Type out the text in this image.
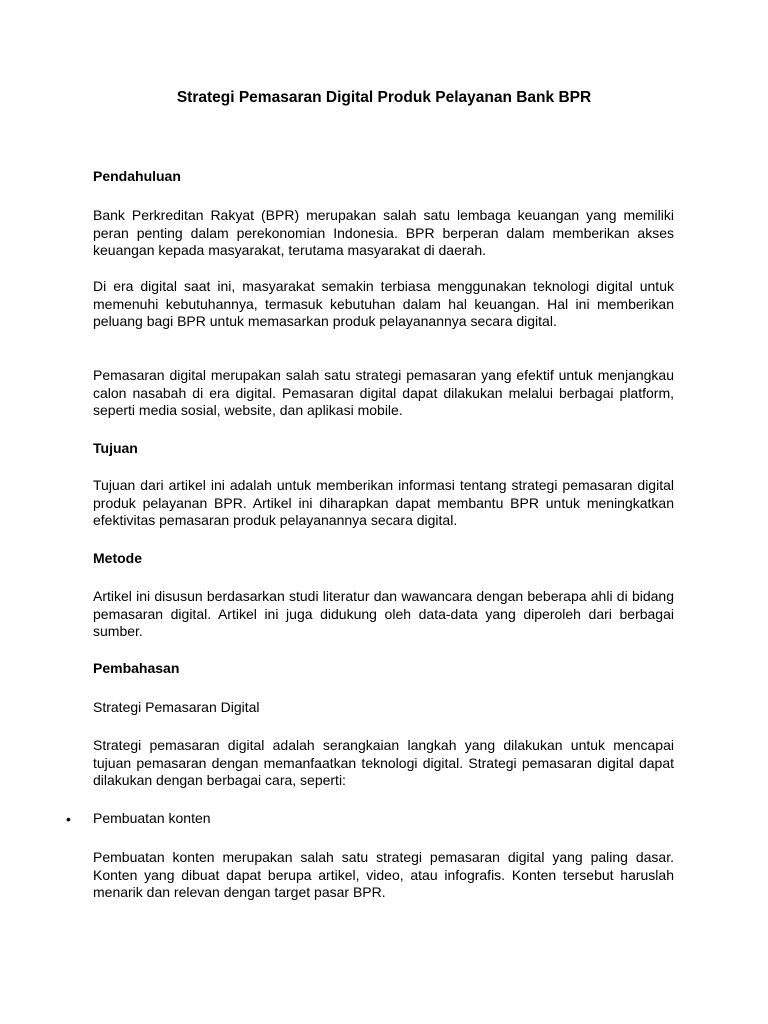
Strategi Pemasaran Digital Produk Pelayanan Bank BPR

Pendahuluan

Bank Perkreditan Rakyat (BPR) merupakan salah satu lembaga keuangan yang memiliki peran penting dalam perekonomian Indonesia. BPR berperan dalam memberikan akses keuangan kepada masyarakat, terutama masyarakat di daerah.

Di era digital saat ini, masyarakat semakin terbiasa menggunakan teknologi digital untuk memenuhi kebutuhannya, termasuk kebutuhan dalam hal keuangan. Hal ini memberikan peluang bagi BPR untuk memasarkan produk pelayanannya secara digital.

Pemasaran digital merupakan salah satu strategi pemasaran yang efektif untuk menjangkau calon nasabah di era digital. Pemasaran digital dapat dilakukan melalui berbagai platform, seperti media sosial, website, dan aplikasi mobile.

Tujuan

Tujuan dari artikel ini adalah untuk memberikan informasi tentang strategi pemasaran digital produk pelayanan BPR. Artikel ini diharapkan dapat membantu BPR untuk meningkatkan efektivitas pemasaran produk pelayanannya secara digital.

Metode

Artikel ini disusun berdasarkan studi literatur dan wawancara dengan beberapa ahli di bidang pemasaran digital. Artikel ini juga didukung oleh data-data yang diperoleh dari berbagai sumber.

Pembahasan

Strategi Pemasaran Digital

Strategi pemasaran digital adalah serangkaian langkah yang dilakukan untuk mencapai tujuan pemasaran dengan memanfaatkan teknologi digital. Strategi pemasaran digital dapat dilakukan dengan berbagai cara, seperti:

• Pembuatan konten

Pembuatan konten merupakan salah satu strategi pemasaran digital yang paling dasar. Konten yang dibuat dapat berupa artikel, video, atau infografis. Konten tersebut haruslah menarik dan relevan dengan target pasar BPR.
